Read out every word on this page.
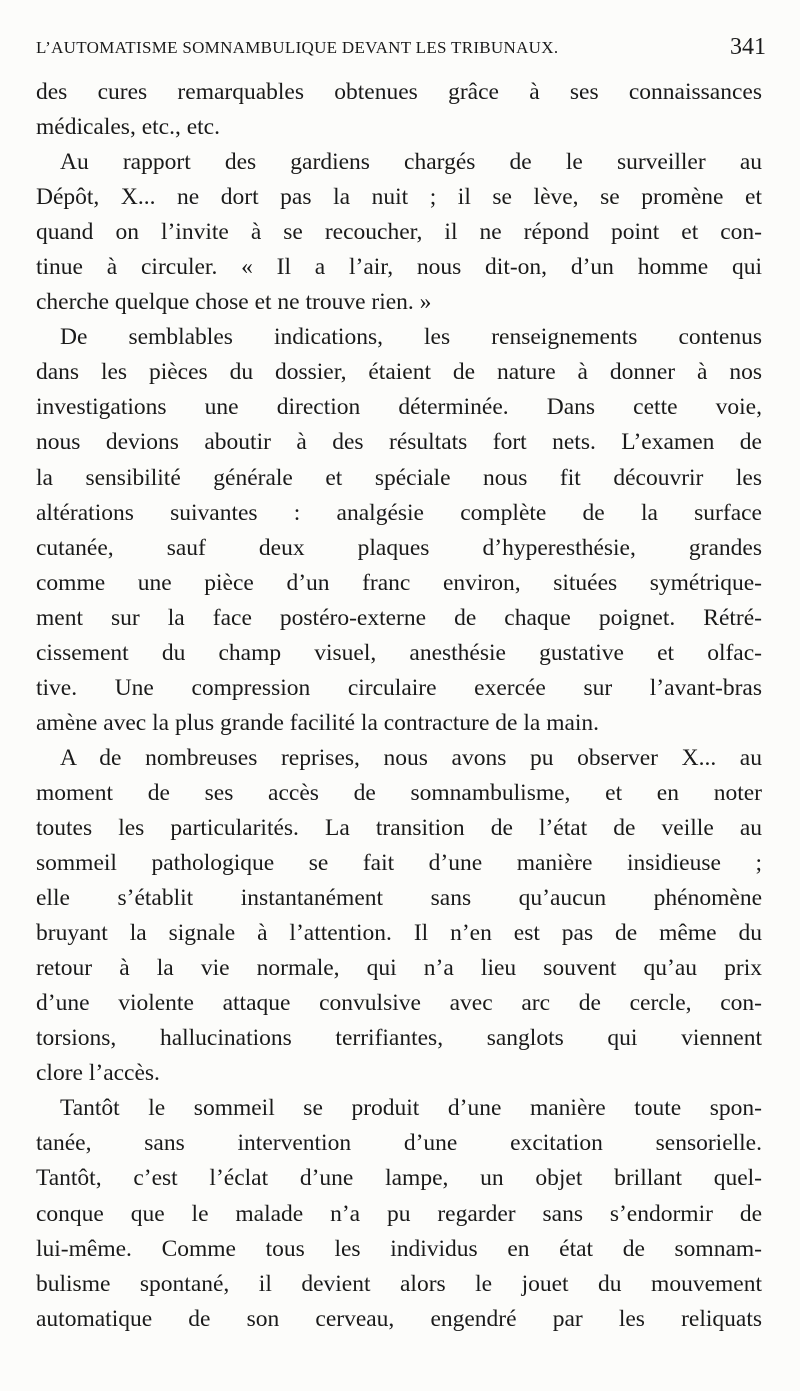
L’AUTOMATISME SOMNAMBULIQUE DEVANT LES TRIBUNAUX.	341
des cures remarquables obtenues grâce à ses connaissances
médicales, etc., etc.
Au rapport des gardiens chargés de le surveiller au
Dépôt, X... ne dort pas la nuit ; il se lève, se promène et
quand on l’invite à se recoucher, il ne répond point et con-
tinue à circuler. « Il a l’air, nous dit-on, d’un homme qui
cherche quelque chose et ne trouve rien. »
De semblables indications, les renseignements contenus
dans les pièces du dossier, étaient de nature à donner à nos
investigations une direction déterminée. Dans cette voie,
nous devions aboutir à des résultats fort nets. L’examen de
la sensibilité générale et spéciale nous fit découvrir les
altérations suivantes : analgésie complète de la surface
cutanée, sauf deux plaques d’hyperesthésie, grandes
comme une pièce d’un franc environ, situées symétrique-
ment sur la face postéro-externe de chaque poignet. Rétré-
cissement du champ visuel, anesthésie gustative et olfac-
tive. Une compression circulaire exercée sur l’avant-bras
amène avec la plus grande facilité la contracture de la main.
A de nombreuses reprises, nous avons pu observer X... au
moment de ses accès de somnambulisme, et en noter
toutes les particularités. La transition de l’état de veille au
sommeil pathologique se fait d’une manière insidieuse ;
elle s’établit instantanément sans qu’aucun phénomène
bruyant la signale à l’attention. Il n’en est pas de même du
retour à la vie normale, qui n’a lieu souvent qu’au prix
d’une violente attaque convulsive avec arc de cercle, con-
torsions, hallucinations terrifiantes, sanglots qui viennent
clore l’accès.
Tantôt le sommeil se produit d’une manière toute spon-
tanée, sans intervention d’une excitation sensorielle.
Tantôt, c’est l’éclat d’une lampe, un objet brillant quel-
conque que le malade n’a pu regarder sans s’endormir de
lui-même. Comme tous les individus en état de somnam-
bulisme spontané, il devient alors le jouet du mouvement
automatique de son cerveau, engendré par les reliquats
